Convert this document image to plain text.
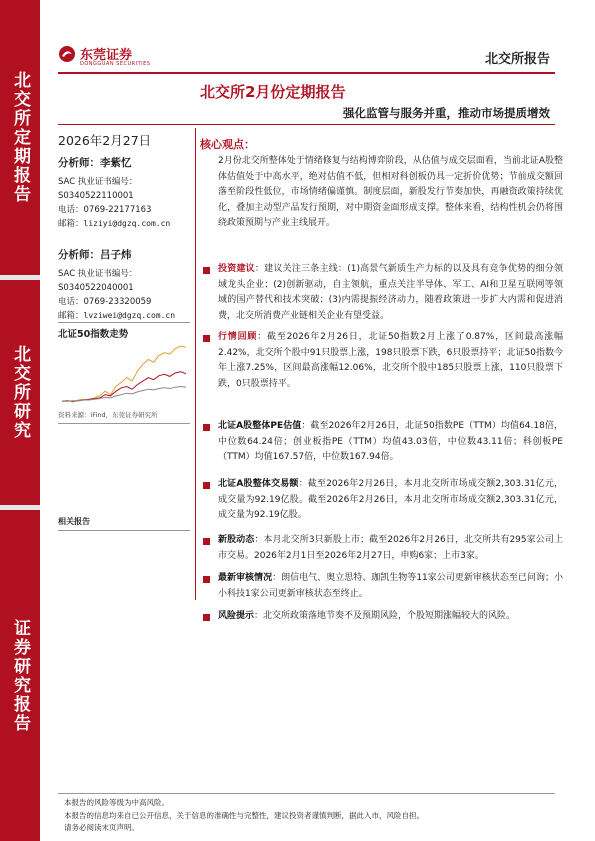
北交所定期报告
北交所研究
证券研究报告
东莞证券
DONGGUAN SECURITIES	北交所报告
北交所2月份定期报告
强化监管与服务并重，推动市场提质增效
2026年2月27日
分析师：李紫忆
SAC 执业证书编号：
S0340522110001
电话：0769-22177163
邮箱：liziyi@dgzq.com.cn
分析师：吕子炜
SAC 执业证书编号：
S0340522040001
电话：0769-23320059
邮箱：lvziwei@dgzq.com.cn
北证50指数走势
资料来源：iFind，东莞证券研究所
相关报告
核心观点：
2月份北交所整体处于情绪修复与结构博弈阶段，从估值与成交层面看，当前北证A股整体估值处于中高水平，绝对估值不低，但相对科创板仍具一定折价优势；节前成交额回落至阶段性低位，市场情绪偏谨慎。制度层面，新股发行节奏加快，再融资政策持续优化，叠加主动型产品发行预期，对中期资金面形成支撑。整体来看，结构性机会仍将围绕政策预期与产业主线展开。
投资建议：建议关注三条主线：(1)高景气新质生产力标的以及具有竞争优势的细分领域龙头企业；(2)创新驱动，自主领航，重点关注半导体、军工、AI和卫星互联网等领域的国产替代和技术突破；(3)内需提振经济动力，随着政策进一步扩大内需和促进消费，北交所消费产业链相关企业有望受益。
行情回顾：截至2026年2月26日，北证50指数2月上涨了0.87%，区间最高涨幅2.42%，北交所个股中91只股票上涨，198只股票下跌，6只股票持平；北证50指数今年上涨7.25%，区间最高涨幅12.06%，北交所个股中185只股票上涨，110只股票下跌，0只股票持平。
北证A股整体PE估值：截至2026年2月26日，北证50指数PE（TTM）均值64.18倍，中位数64.24倍；创业板指PE（TTM）均值43.03倍，中位数43.11倍；科创板PE（TTM）均值167.57倍，中位数167.94倍。
北证A股整体交易额：截至2026年2月26日，本月北交所市场成交额2,303.31亿元，成交量为92.19亿股。截至2026年2月26日，本月北交所市场成交额2,303.31亿元，成交量为92.19亿股。
新股动态：本月北交所3只新股上市；截至2026年2月26日，北交所共有295家公司上市交易。2026年2月1日至2026年2月27日，申购6家；上市3家。
最新审核情况：朗信电气、奥立思特、珈凯生物等11家公司更新审核状态至已问询；小小科技1家公司更新审核状态至终止。
风险提示：北交所政策落地节奏不及预期风险，个股短期涨幅较大的风险。
本报告的风险等级为中高风险。
本报告的信息均来自已公开信息，关于信息的准确性与完整性，建议投资者谨慎判断，据此入市，风险自担。
请务必阅读末页声明。
